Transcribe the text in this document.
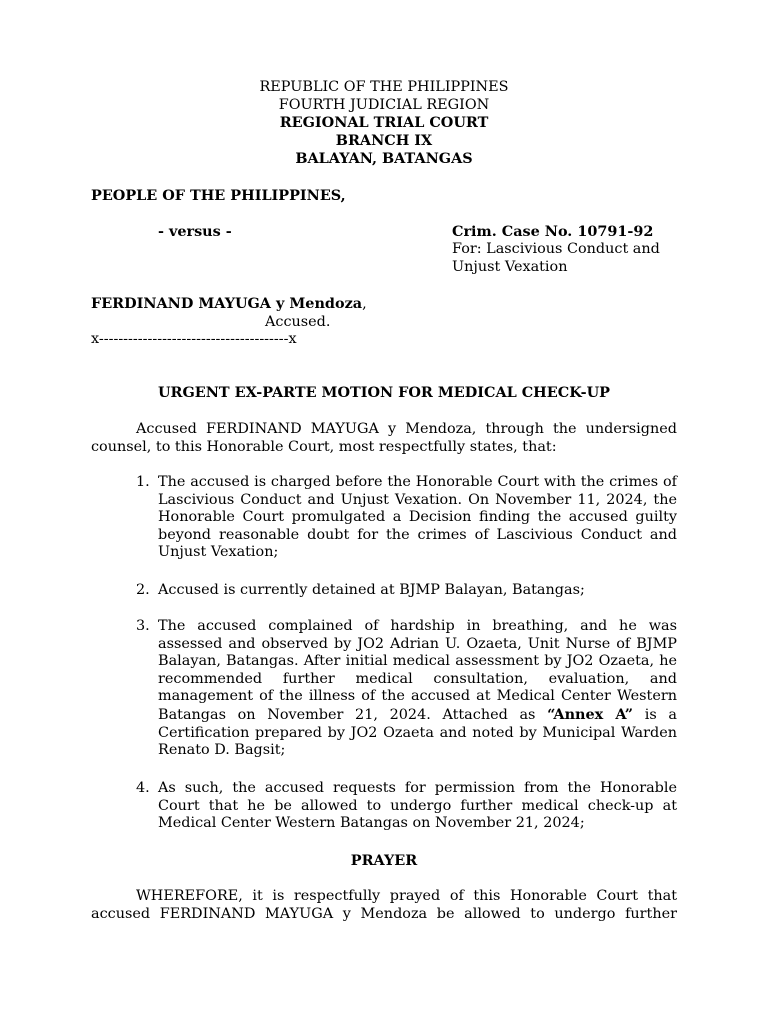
REPUBLIC OF THE PHILIPPINES
FOURTH JUDICIAL REGION
REGIONAL TRIAL COURT
BRANCH IX
BALAYAN, BATANGAS
PEOPLE OF THE PHILIPPINES,
- versus -	Crim. Case No. 10791-92
For: Lascivious Conduct and
Unjust Vexation
FERDINAND MAYUGA y Mendoza,
Accused.
x---------------------------------------x
URGENT EX-PARTE MOTION FOR MEDICAL CHECK-UP

Accused FERDINAND MAYUGA y Mendoza, through the undersigned counsel, to this Honorable Court, most respectfully states, that:

1. The accused is charged before the Honorable Court with the crimes of Lascivious Conduct and Unjust Vexation. On November 11, 2024, the Honorable Court promulgated a Decision finding the accused guilty beyond reasonable doubt for the crimes of Lascivious Conduct and Unjust Vexation;

2. Accused is currently detained at BJMP Balayan, Batangas;

3. The accused complained of hardship in breathing, and he was assessed and observed by JO2 Adrian U. Ozaeta, Unit Nurse of BJMP Balayan, Batangas. After initial medical assessment by JO2 Ozaeta, he recommended further medical consultation, evaluation, and management of the illness of the accused at Medical Center Western Batangas on November 21, 2024. Attached as “Annex A” is a Certification prepared by JO2 Ozaeta and noted by Municipal Warden Renato D. Bagsit;

4. As such, the accused requests for permission from the Honorable Court that he be allowed to undergo further medical check-up at Medical Center Western Batangas on November 21, 2024;

PRAYER

WHEREFORE, it is respectfully prayed of this Honorable Court that accused FERDINAND MAYUGA y Mendoza be allowed to undergo further
